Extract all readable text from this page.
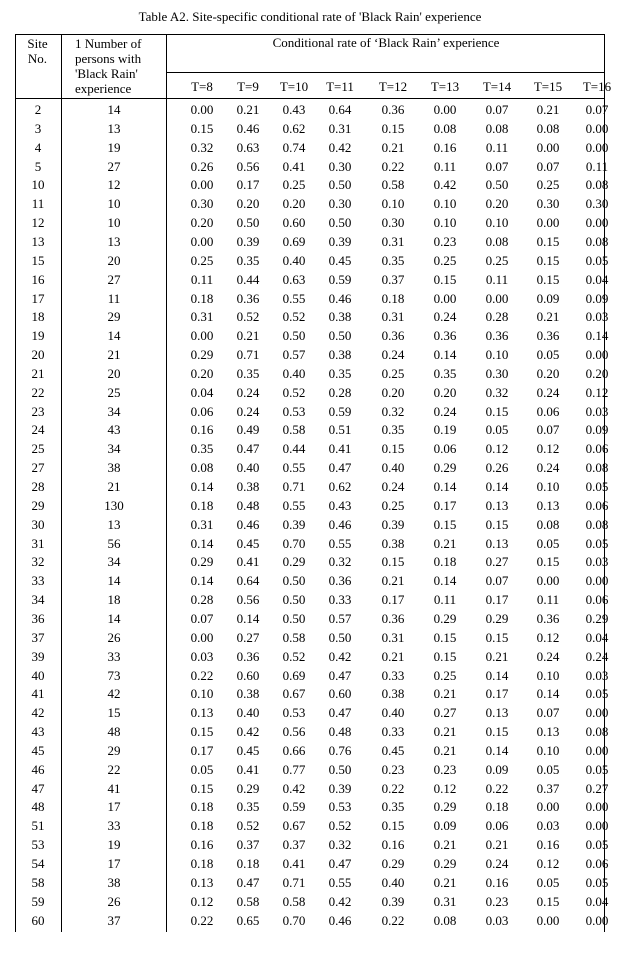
Table A2. Site-specific conditional rate of 'Black Rain' experience
Site
No.
1 Number of
persons with
'Black Rain'
experience
Conditional rate of ‘Black Rain’ experience
T=8	T=9	T=10	T=11	T=12	T=13	T=14	T=15	T=16
2	14	0.00	0.21	0.43	0.64	0.36	0.00	0.07	0.21	0.07
3	13	0.15	0.46	0.62	0.31	0.15	0.08	0.08	0.08	0.00
4	19	0.32	0.63	0.74	0.42	0.21	0.16	0.11	0.00	0.00
5	27	0.26	0.56	0.41	0.30	0.22	0.11	0.07	0.07	0.11
10	12	0.00	0.17	0.25	0.50	0.58	0.42	0.50	0.25	0.08
11	10	0.30	0.20	0.20	0.30	0.10	0.10	0.20	0.30	0.30
12	10	0.20	0.50	0.60	0.50	0.30	0.10	0.10	0.00	0.00
13	13	0.00	0.39	0.69	0.39	0.31	0.23	0.08	0.15	0.08
15	20	0.25	0.35	0.40	0.45	0.35	0.25	0.25	0.15	0.05
16	27	0.11	0.44	0.63	0.59	0.37	0.15	0.11	0.15	0.04
17	11	0.18	0.36	0.55	0.46	0.18	0.00	0.00	0.09	0.09
18	29	0.31	0.52	0.52	0.38	0.31	0.24	0.28	0.21	0.03
19	14	0.00	0.21	0.50	0.50	0.36	0.36	0.36	0.36	0.14
20	21	0.29	0.71	0.57	0.38	0.24	0.14	0.10	0.05	0.00
21	20	0.20	0.35	0.40	0.35	0.25	0.35	0.30	0.20	0.20
22	25	0.04	0.24	0.52	0.28	0.20	0.20	0.32	0.24	0.12
23	34	0.06	0.24	0.53	0.59	0.32	0.24	0.15	0.06	0.03
24	43	0.16	0.49	0.58	0.51	0.35	0.19	0.05	0.07	0.09
25	34	0.35	0.47	0.44	0.41	0.15	0.06	0.12	0.12	0.06
27	38	0.08	0.40	0.55	0.47	0.40	0.29	0.26	0.24	0.08
28	21	0.14	0.38	0.71	0.62	0.24	0.14	0.14	0.10	0.05
29	130	0.18	0.48	0.55	0.43	0.25	0.17	0.13	0.13	0.06
30	13	0.31	0.46	0.39	0.46	0.39	0.15	0.15	0.08	0.08
31	56	0.14	0.45	0.70	0.55	0.38	0.21	0.13	0.05	0.05
32	34	0.29	0.41	0.29	0.32	0.15	0.18	0.27	0.15	0.03
33	14	0.14	0.64	0.50	0.36	0.21	0.14	0.07	0.00	0.00
34	18	0.28	0.56	0.50	0.33	0.17	0.11	0.17	0.11	0.06
36	14	0.07	0.14	0.50	0.57	0.36	0.29	0.29	0.36	0.29
37	26	0.00	0.27	0.58	0.50	0.31	0.15	0.15	0.12	0.04
39	33	0.03	0.36	0.52	0.42	0.21	0.15	0.21	0.24	0.24
40	73	0.22	0.60	0.69	0.47	0.33	0.25	0.14	0.10	0.03
41	42	0.10	0.38	0.67	0.60	0.38	0.21	0.17	0.14	0.05
42	15	0.13	0.40	0.53	0.47	0.40	0.27	0.13	0.07	0.00
43	48	0.15	0.42	0.56	0.48	0.33	0.21	0.15	0.13	0.08
45	29	0.17	0.45	0.66	0.76	0.45	0.21	0.14	0.10	0.00
46	22	0.05	0.41	0.77	0.50	0.23	0.23	0.09	0.05	0.05
47	41	0.15	0.29	0.42	0.39	0.22	0.12	0.22	0.37	0.27
48	17	0.18	0.35	0.59	0.53	0.35	0.29	0.18	0.00	0.00
51	33	0.18	0.52	0.67	0.52	0.15	0.09	0.06	0.03	0.00
53	19	0.16	0.37	0.37	0.32	0.16	0.21	0.21	0.16	0.05
54	17	0.18	0.18	0.41	0.47	0.29	0.29	0.24	0.12	0.06
58	38	0.13	0.47	0.71	0.55	0.40	0.21	0.16	0.05	0.05
59	26	0.12	0.58	0.58	0.42	0.39	0.31	0.23	0.15	0.04
60	37	0.22	0.65	0.70	0.46	0.22	0.08	0.03	0.00	0.00
